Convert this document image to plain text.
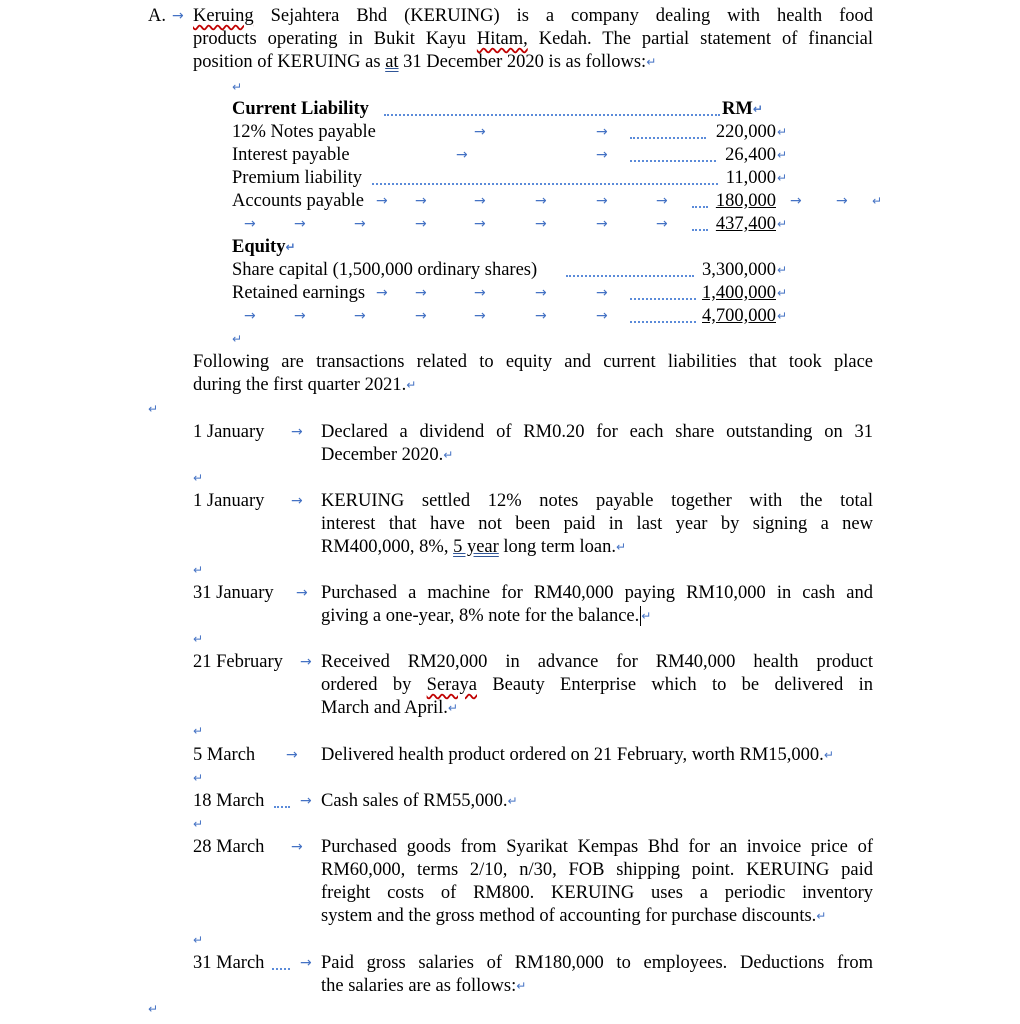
A. → Keruing Sejahtera Bhd (KERUING) is a company dealing with health food
products operating in Bukit Kayu Hitam, Kedah. The partial statement of financial
position of KERUING as at 31 December 2020 is as follows: ↵
↵
Current Liability	RM ↵
12% Notes payable	→	→	220,000 ↵
Interest payable	→	→	26,400 ↵
Premium liability	11,000 ↵
Accounts payable → →	→	→	→	→	180,000 → → ↵
→	→	→	→	→	→	→	→	437,400 ↵
Equity ↵
Share capital (1,500,000 ordinary shares)	3,300,000 ↵
Retained earnings → →	→	→	→	1,400,000 ↵
→	→	→	→	→	→	→	4,700,000 ↵
↵
Following are transactions related to equity and current liabilities that took place
during the first quarter 2021. ↵
↵
1 January → Declared a dividend of RM0.20 for each share outstanding on 31
December 2020. ↵
↵
1 January → KERUING settled 12% notes payable together with the total
interest that have not been paid in last year by signing a new
RM400,000, 8%, 5 year long term loan. ↵
↵
31 January → Purchased a machine for RM40,000 paying RM10,000 in cash and
giving a one-year, 8% note for the balance. ↵
↵
21 February → Received RM20,000 in advance for RM40,000 health product
ordered by Seraya Beauty Enterprise which to be delivered in
March and April. ↵
↵
5 March → Delivered health product ordered on 21 February, worth RM15,000. ↵
↵
18 March	→ Cash sales of RM55,000. ↵
↵
28 March → Purchased goods from Syarikat Kempas Bhd for an invoice price of
RM60,000, terms 2/10, n/30, FOB shipping point. KERUING paid
freight costs of RM800. KERUING uses a periodic inventory
system and the gross method of accounting for purchase discounts. ↵
↵
31 March	→ Paid gross salaries of RM180,000 to employees. Deductions from
the salaries are as follows: ↵
↵
